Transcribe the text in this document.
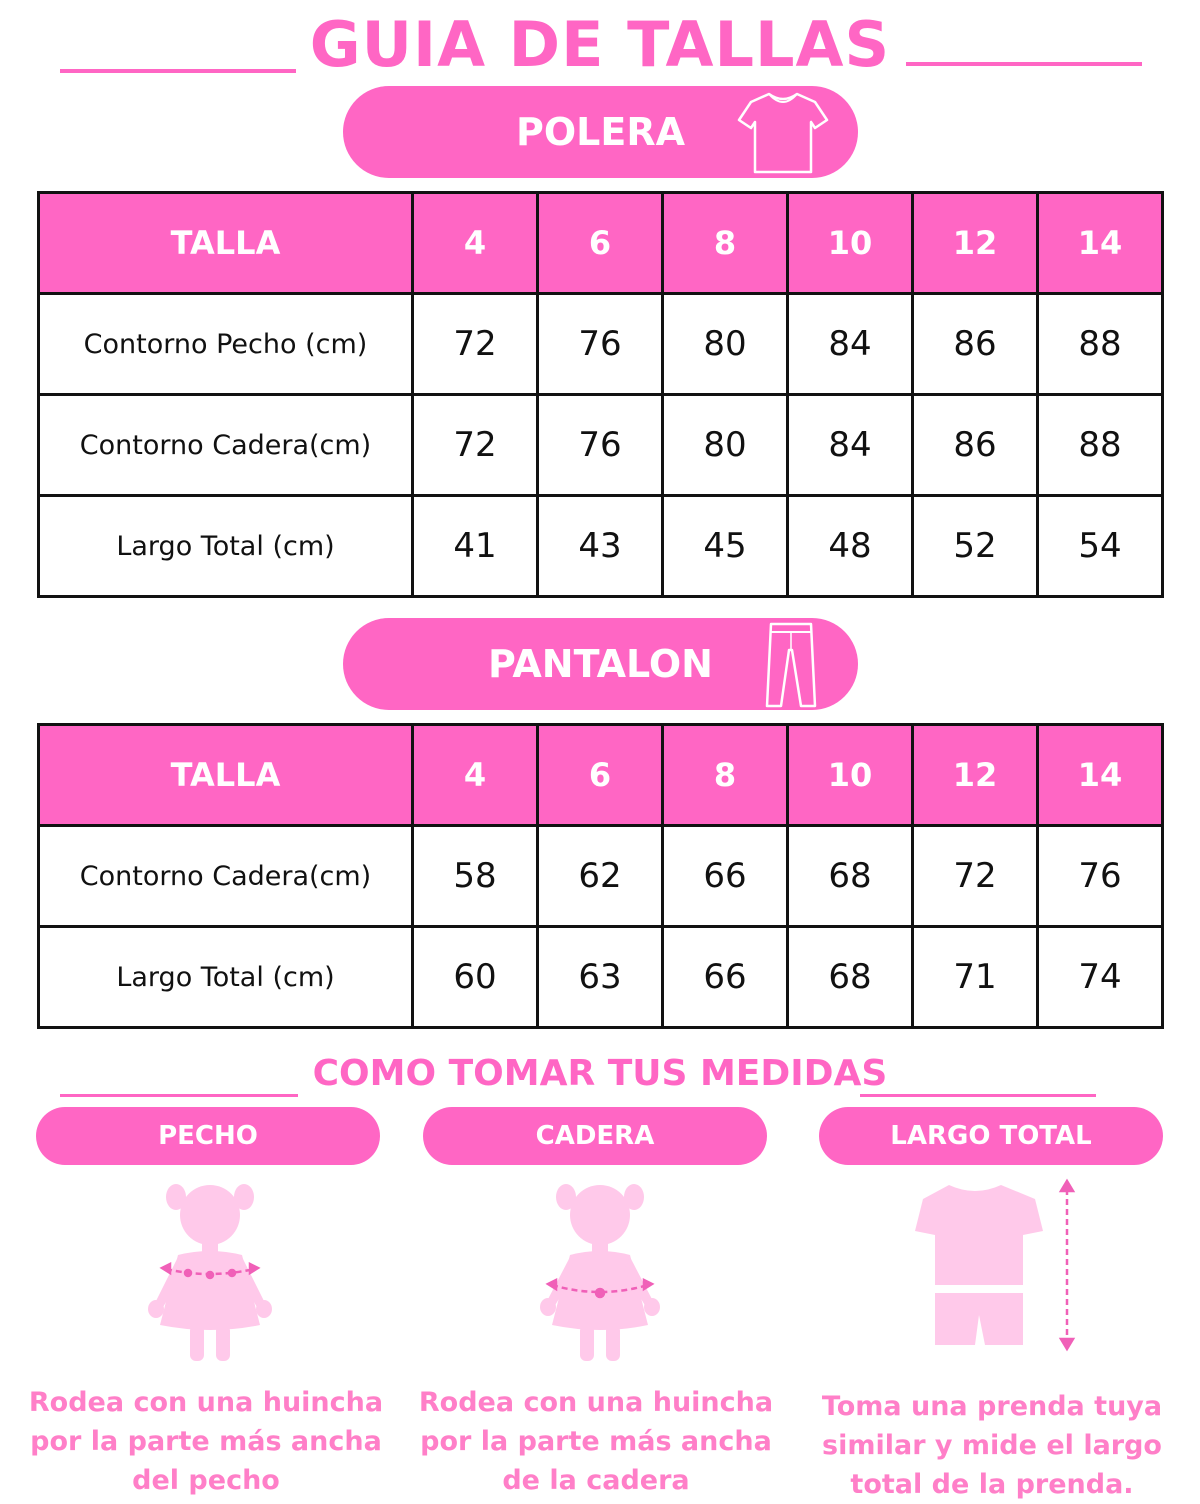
GUIA DE TALLAS
POLERA
TALLA	4	6	8	10	12	14
Contorno Pecho (cm)	72	76	80	84	86	88
Contorno Cadera(cm)	72	76	80	84	86	88
Largo Total (cm)	41	43	45	48	52	54
PANTALON
TALLA	4	6	8	10	12	14
Contorno Cadera(cm)	58	62	66	68	72	76
Largo Total (cm)	60	63	66	68	71	74
COMO TOMAR TUS MEDIDAS
PECHO	CADERA	LARGO TOTAL
Rodea con una huincha
por la parte más ancha
del pecho
Rodea con una huincha
por la parte más ancha
de la cadera
Toma una prenda tuya
similar y mide el largo
total de la prenda.
